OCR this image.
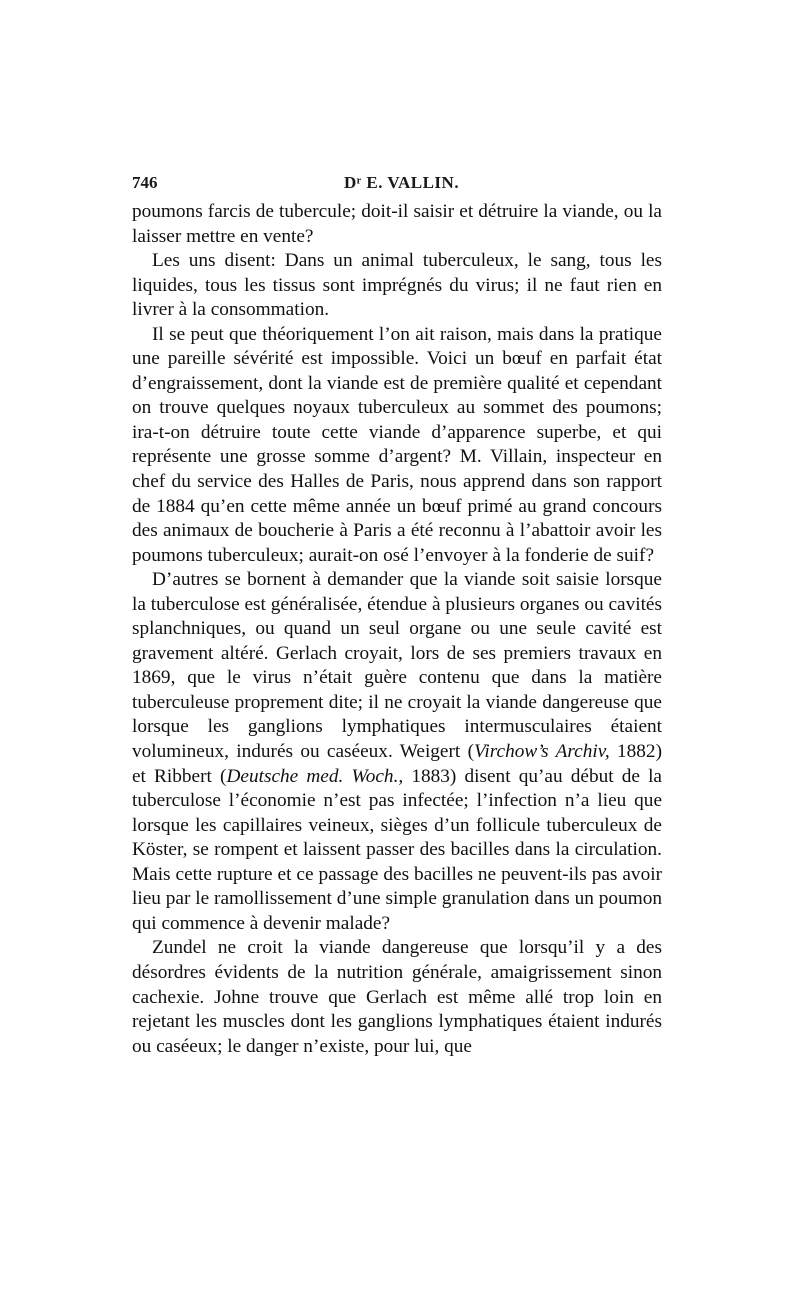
746	Dʳ E. VALLIN.

poumons farcis de tubercule; doit-il saisir et détruire la viande, ou la laisser mettre en vente?

Les uns disent: Dans un animal tuberculeux, le sang, tous les liquides, tous les tissus sont imprégnés du virus; il ne faut rien en livrer à la consommation.

Il se peut que théoriquement l’on ait raison, mais dans la pratique une pareille sévérité est impossible. Voici un bœuf en parfait état d’engraissement, dont la viande est de première qualité et cependant on trouve quelques noyaux tuberculeux au sommet des poumons; ira-t-on détruire toute cette viande d’apparence superbe, et qui représente une grosse somme d’argent? M. Villain, inspecteur en chef du service des Halles de Paris, nous apprend dans son rapport de 1884 qu’en cette même année un bœuf primé au grand concours des animaux de boucherie à Paris a été reconnu à l’abattoir avoir les poumons tuberculeux; aurait-on osé l’envoyer à la fonderie de suif?

D’autres se bornent à demander que la viande soit saisie lorsque la tuberculose est généralisée, étendue à plusieurs organes ou cavités splanchniques, ou quand un seul organe ou une seule cavité est gravement altéré. Gerlach croyait, lors de ses premiers travaux en 1869, que le virus n’était guère contenu que dans la matière tuberculeuse proprement dite; il ne croyait la viande dangereuse que lorsque les ganglions lymphatiques intermusculaires étaient volumineux, indurés ou caséeux. Weigert (Virchow’s Archiv, 1882) et Ribbert (Deutsche med. Woch., 1883) disent qu’au début de la tuberculose l’économie n’est pas infectée; l’infection n’a lieu que lorsque les capillaires veineux, sièges d’un follicule tuberculeux de Köster, se rompent et laissent passer des bacilles dans la circulation. Mais cette rupture et ce passage des bacilles ne peuvent-ils pas avoir lieu par le ramollissement d’une simple granulation dans un poumon qui commence à devenir malade?

Zundel ne croit la viande dangereuse que lorsqu’il y a des désordres évidents de la nutrition générale, amaigrissement sinon cachexie. Johne trouve que Gerlach est même allé trop loin en rejetant les muscles dont les ganglions lymphatiques étaient indurés ou caséeux; le danger n’existe, pour lui, que
